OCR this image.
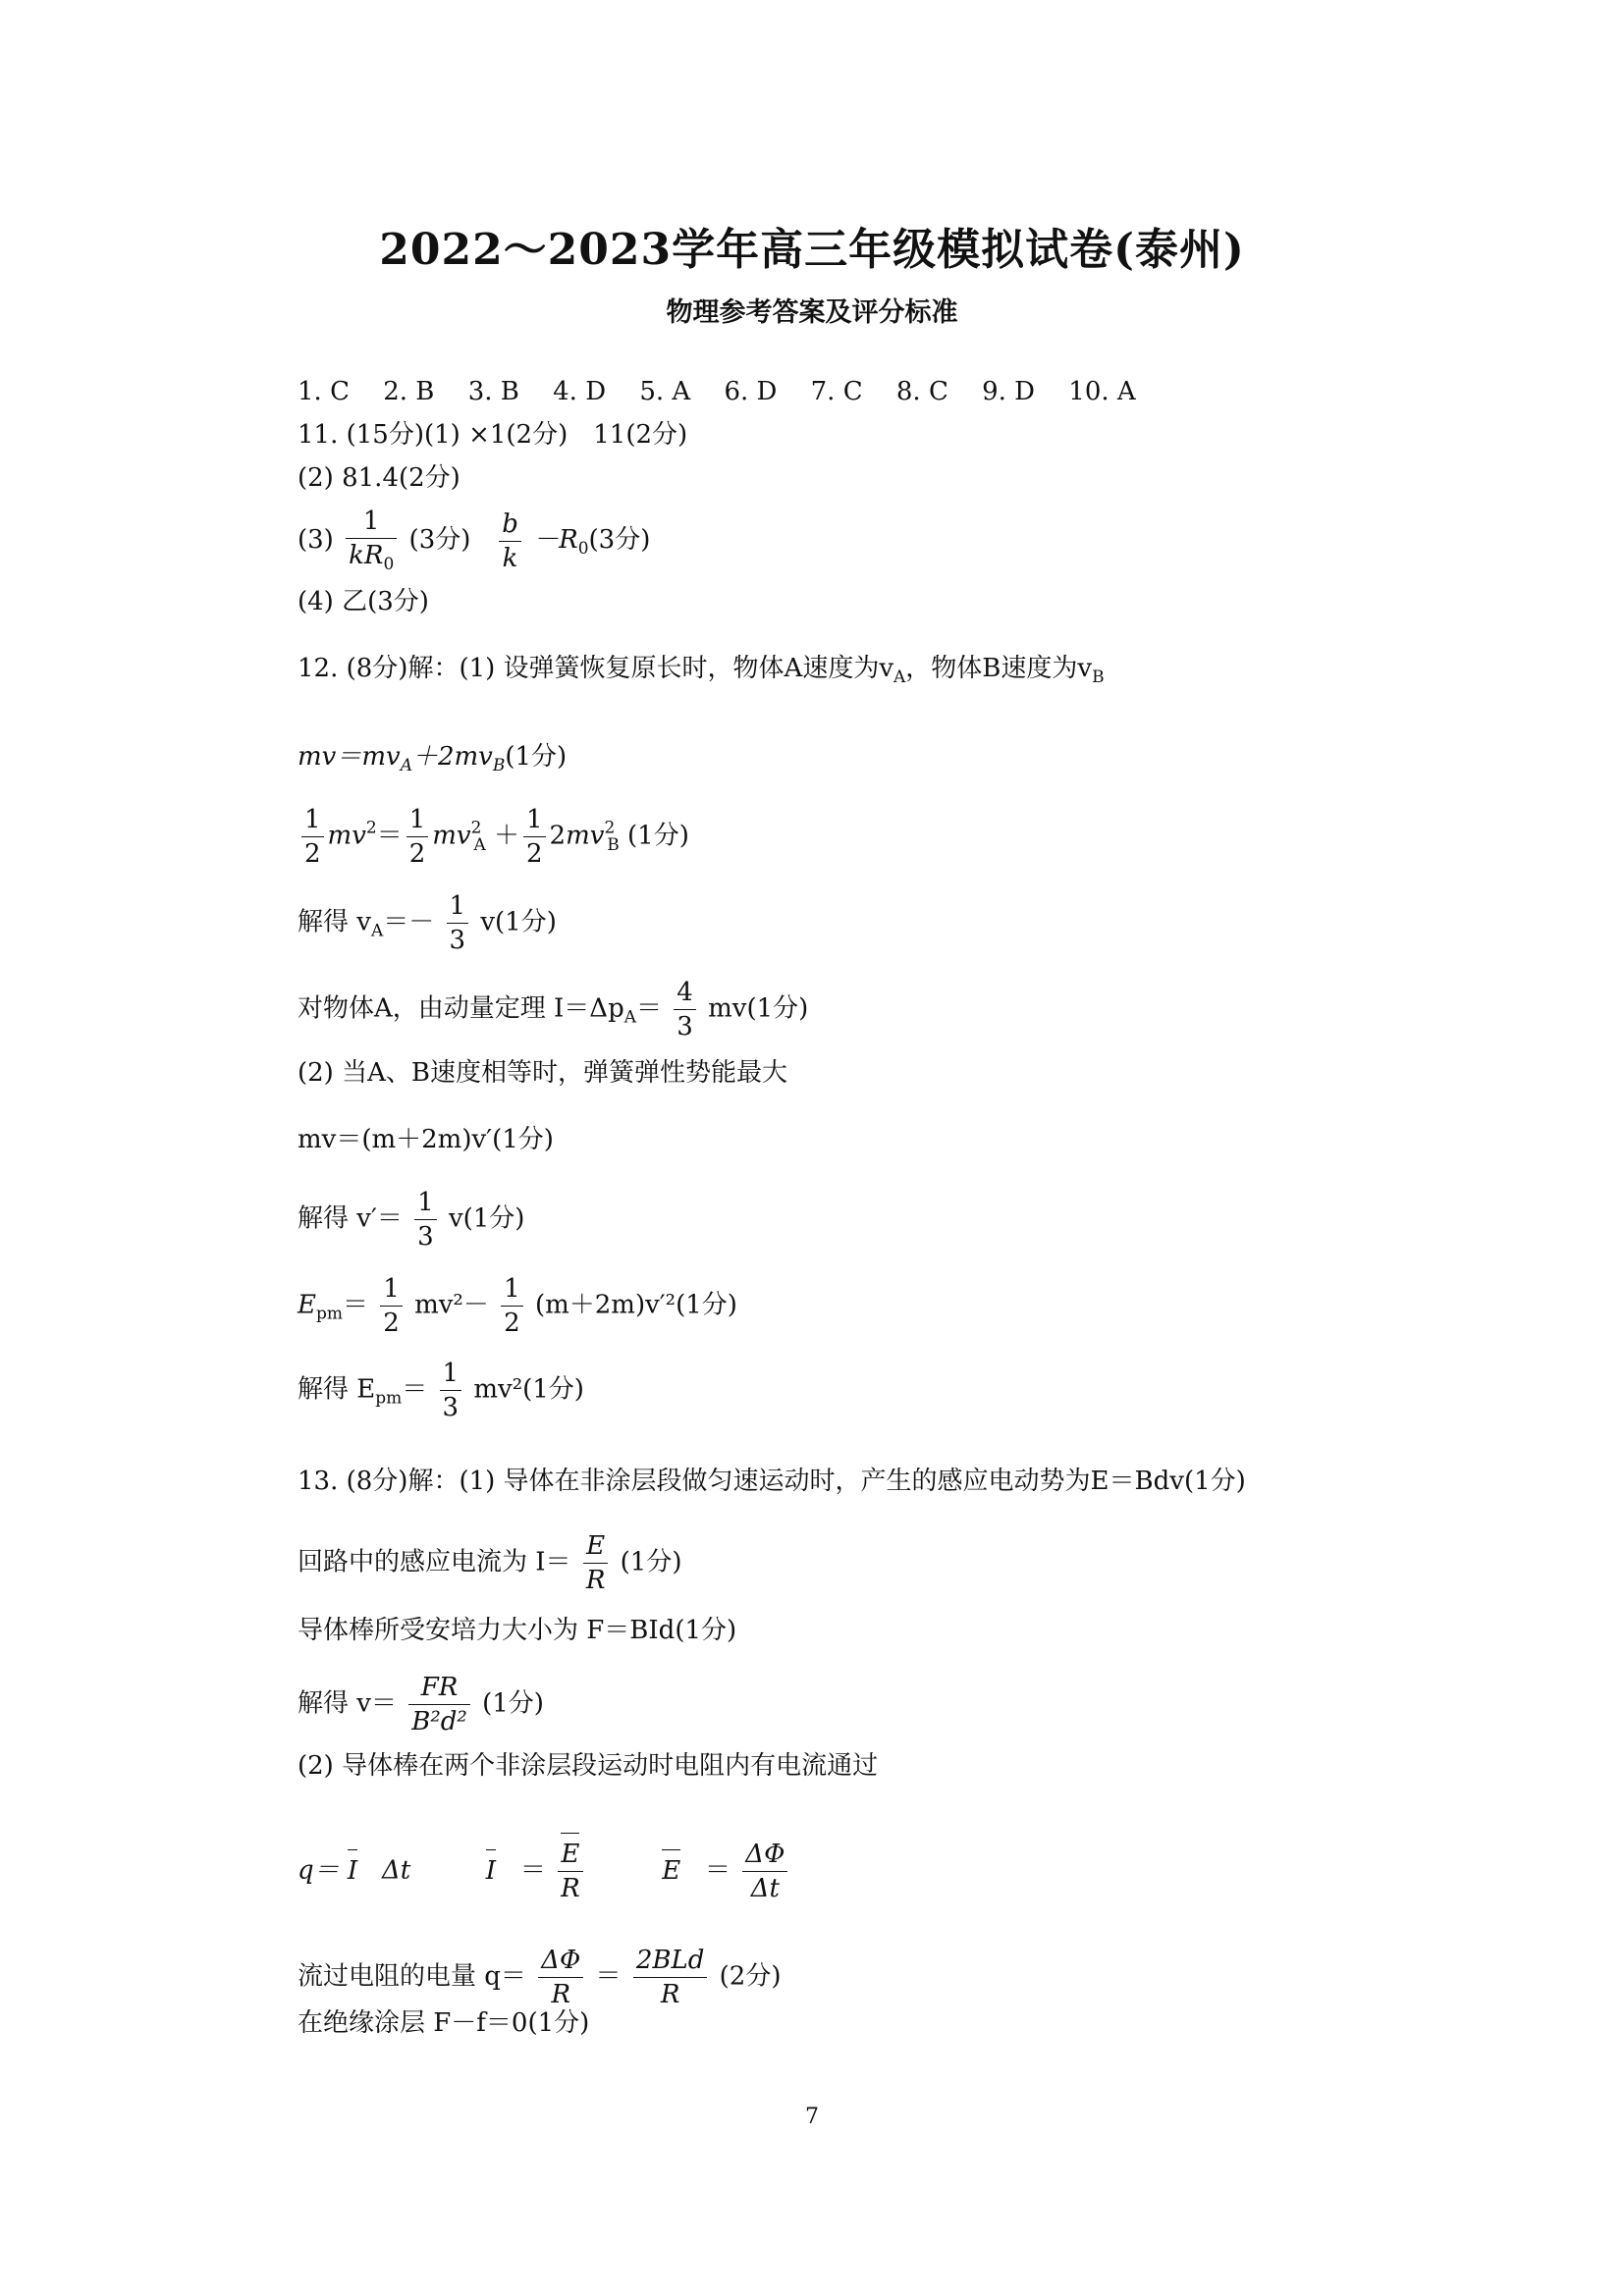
2022～2023学年高三年级模拟试卷(泰州)
物理参考答案及评分标准
1. C 2. B 3. B 4. D 5. A 6. D 7. C 8. C 9. D 10. A
11. (15分)(1) ×1(2分)　11(2分)
(2) 81.4(2分)
$(3) \frac{1}{kR_0} (3$分) $\frac{b}{k} -R_0(3$分)
(4) 乙(3分)
12. (8分)解：(1) 设弹簧恢复原长时，物体A速度为$v_A$，物体B速度为$v_B$
$mv=mv_A+2mv_B(1$分)
$\frac{1}{2} mv^2= \frac{1}{2} mv^2_A + \frac{1}{2} 2mv^2_B$ (1分)
解得 $v_A=- \frac{1}{3} v(1$分)
对物体A，由动量定理 $I=\Delta p_A= \frac{4}{3} mv(1$分)
(2) 当A、B速度相等时，弹簧弹性势能最大
mv＝(m＋2m)v′(1分)
解得 $v'= \frac{1}{3} v(1$分)
$E_{pm}= \frac{1}{2} mv^2- \frac{1}{2} (m+2m)v'^2(1$分)
解得 $E_{pm}= \frac{1}{3} mv^2(1$分)
13. (8分)解：(1) 导体在非涂层段做匀速运动时，产生的感应电动势为E＝Bdv(1分)
回路中的感应电流为 $I= \frac{E}{R} (1$分)
导体棒所受安培力大小为 F＝BId(1分)
解得 $v= \frac{FR}{\text{B²d²}} (1$分)
(2) 导体棒在两个非涂层段运动时电阻内有电流通过
q＝ I Δt	$I = \frac{E}{R}$	$E = \frac{\Delta\Phi}{\Delta t}$
流过电阻的电量 $q= \frac{\Delta\Phi}{R} = \frac{\text{2BLd}}{R} (2$分)
在绝缘涂层 F－f＝0(1分)
7
